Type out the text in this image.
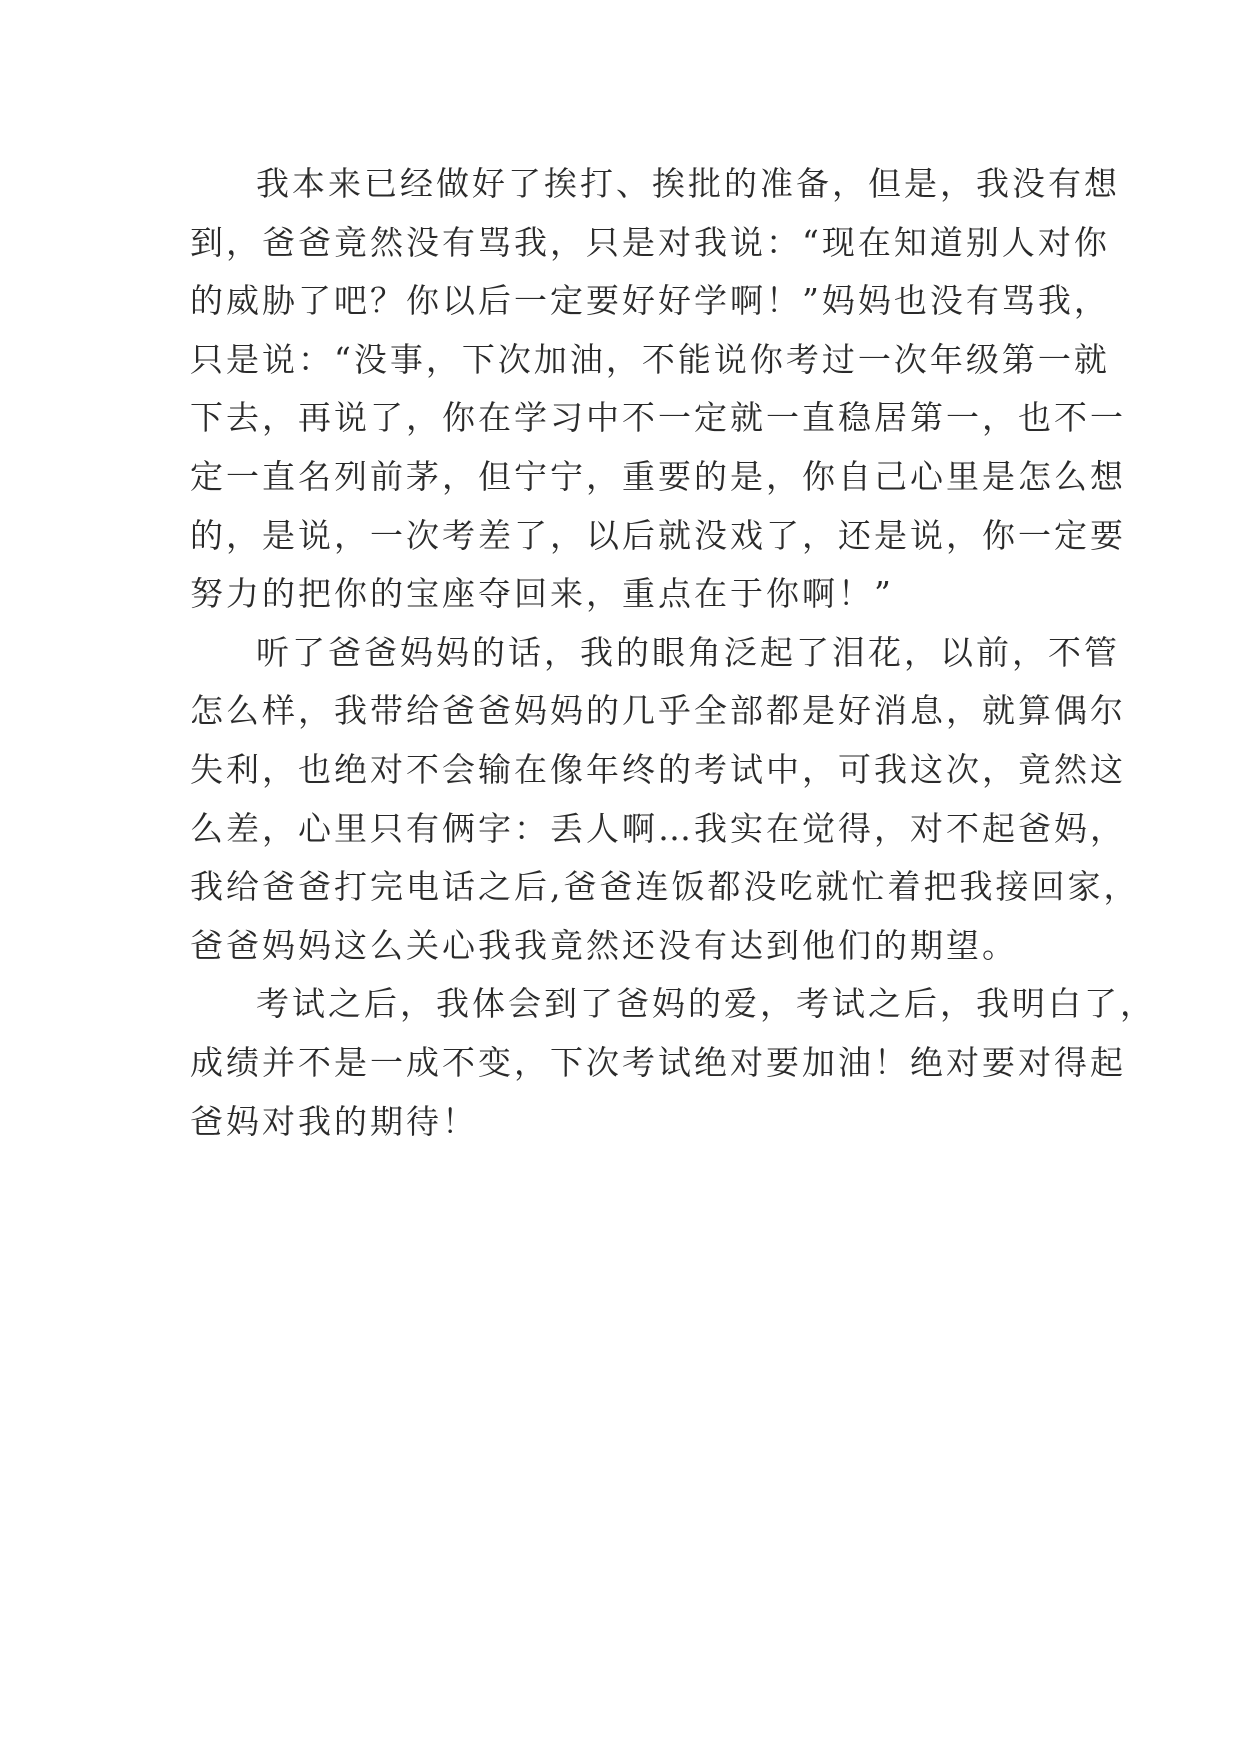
我本来已经做好了挨打、挨批的准备，但是，我没有想
到，爸爸竟然没有骂我，只是对我说：“现在知道别人对你
的威胁了吧？你以后一定要好好学啊！”妈妈也没有骂我，
只是说：“没事，下次加油，不能说你考过一次年级第一就
下去，再说了，你在学习中不一定就一直稳居第一，也不一
定一直名列前茅，但宁宁，重要的是，你自己心里是怎么想
的，是说，一次考差了，以后就没戏了，还是说，你一定要
努力的把你的宝座夺回来，重点在于你啊！”
听了爸爸妈妈的话，我的眼角泛起了泪花，以前，不管
怎么样，我带给爸爸妈妈的几乎全部都是好消息，就算偶尔
失利，也绝对不会输在像年终的考试中，可我这次，竟然这
么差，心里只有俩字：丢人啊…我实在觉得，对不起爸妈，
我给爸爸打完电话之后,爸爸连饭都没吃就忙着把我接回家，
爸爸妈妈这么关心我我竟然还没有达到他们的期望。
考试之后，我体会到了爸妈的爱，考试之后，我明白了，
成绩并不是一成不变，下次考试绝对要加油！绝对要对得起
爸妈对我的期待！
